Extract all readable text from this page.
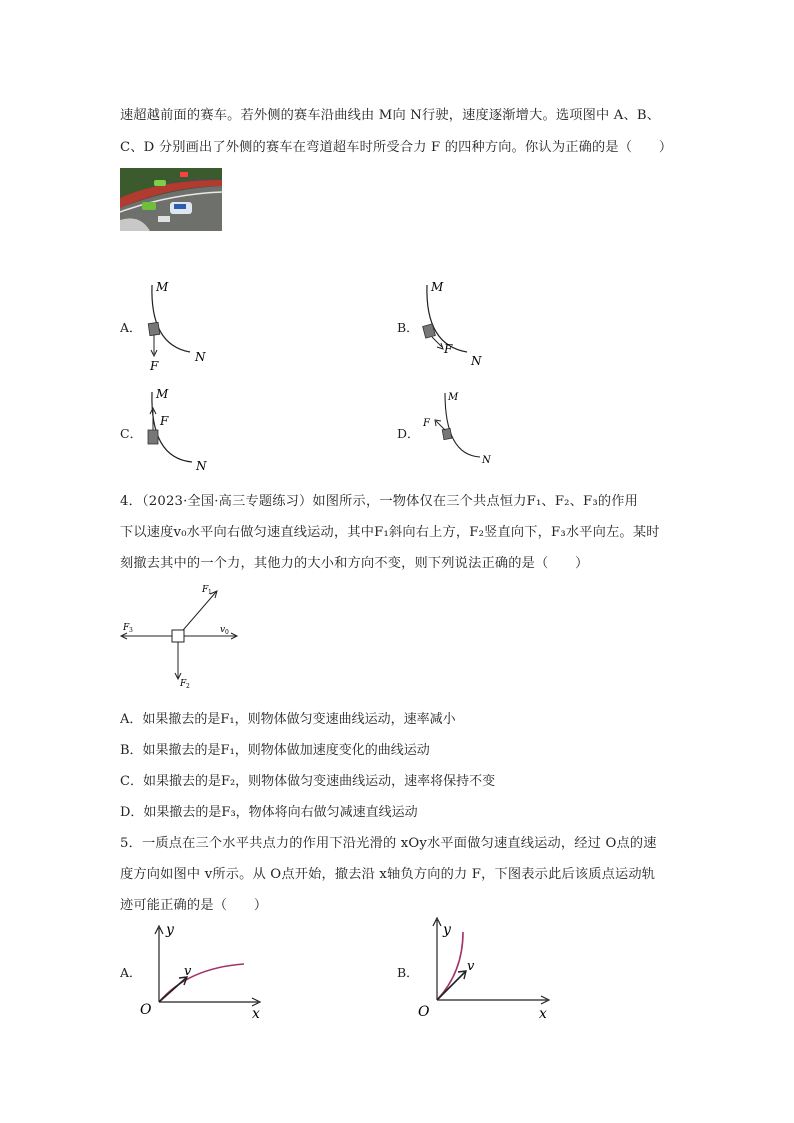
速超越前面的赛车。若外侧的赛车沿曲线由 M向 N行驶，速度逐渐增大。选项图中 A、B、
C、D 分别画出了外侧的赛车在弯道超车时所受合力 F 的四种方向。你认为正确的是（　　）
A．
M
N
F
B．
M
N
F
C．
M
N
F
D．
M
N
F
4．（2023·全国·高三专题练习）如图所示，一物体仅在三个共点恒力F₁、F₂、F₃的作用
下以速度v₀水平向右做匀速直线运动，其中F₁斜向右上方，F₂竖直向下，F₃水平向左。某时
刻撤去其中的一个力，其他力的大小和方向不变，则下列说法正确的是（　　）
F 1
F 3	v 0
F 2
A．如果撤去的是F₁，则物体做匀变速曲线运动，速率减小
B．如果撤去的是F₁，则物体做加速度变化的曲线运动
C．如果撤去的是F₂，则物体做匀变速曲线运动，速率将保持不变
D．如果撤去的是F₃，物体将向右做匀减速直线运动
5．一质点在三个水平共点力的作用下沿光滑的 xOy水平面做匀速直线运动，经过 O点的速
度方向如图中 v所示。从 O点开始，撤去沿 x轴负方向的力 F，下图表示此后该质点运动轨
迹可能正确的是（　　）
A．
y
O	x
v	B．
y
O	x
v
